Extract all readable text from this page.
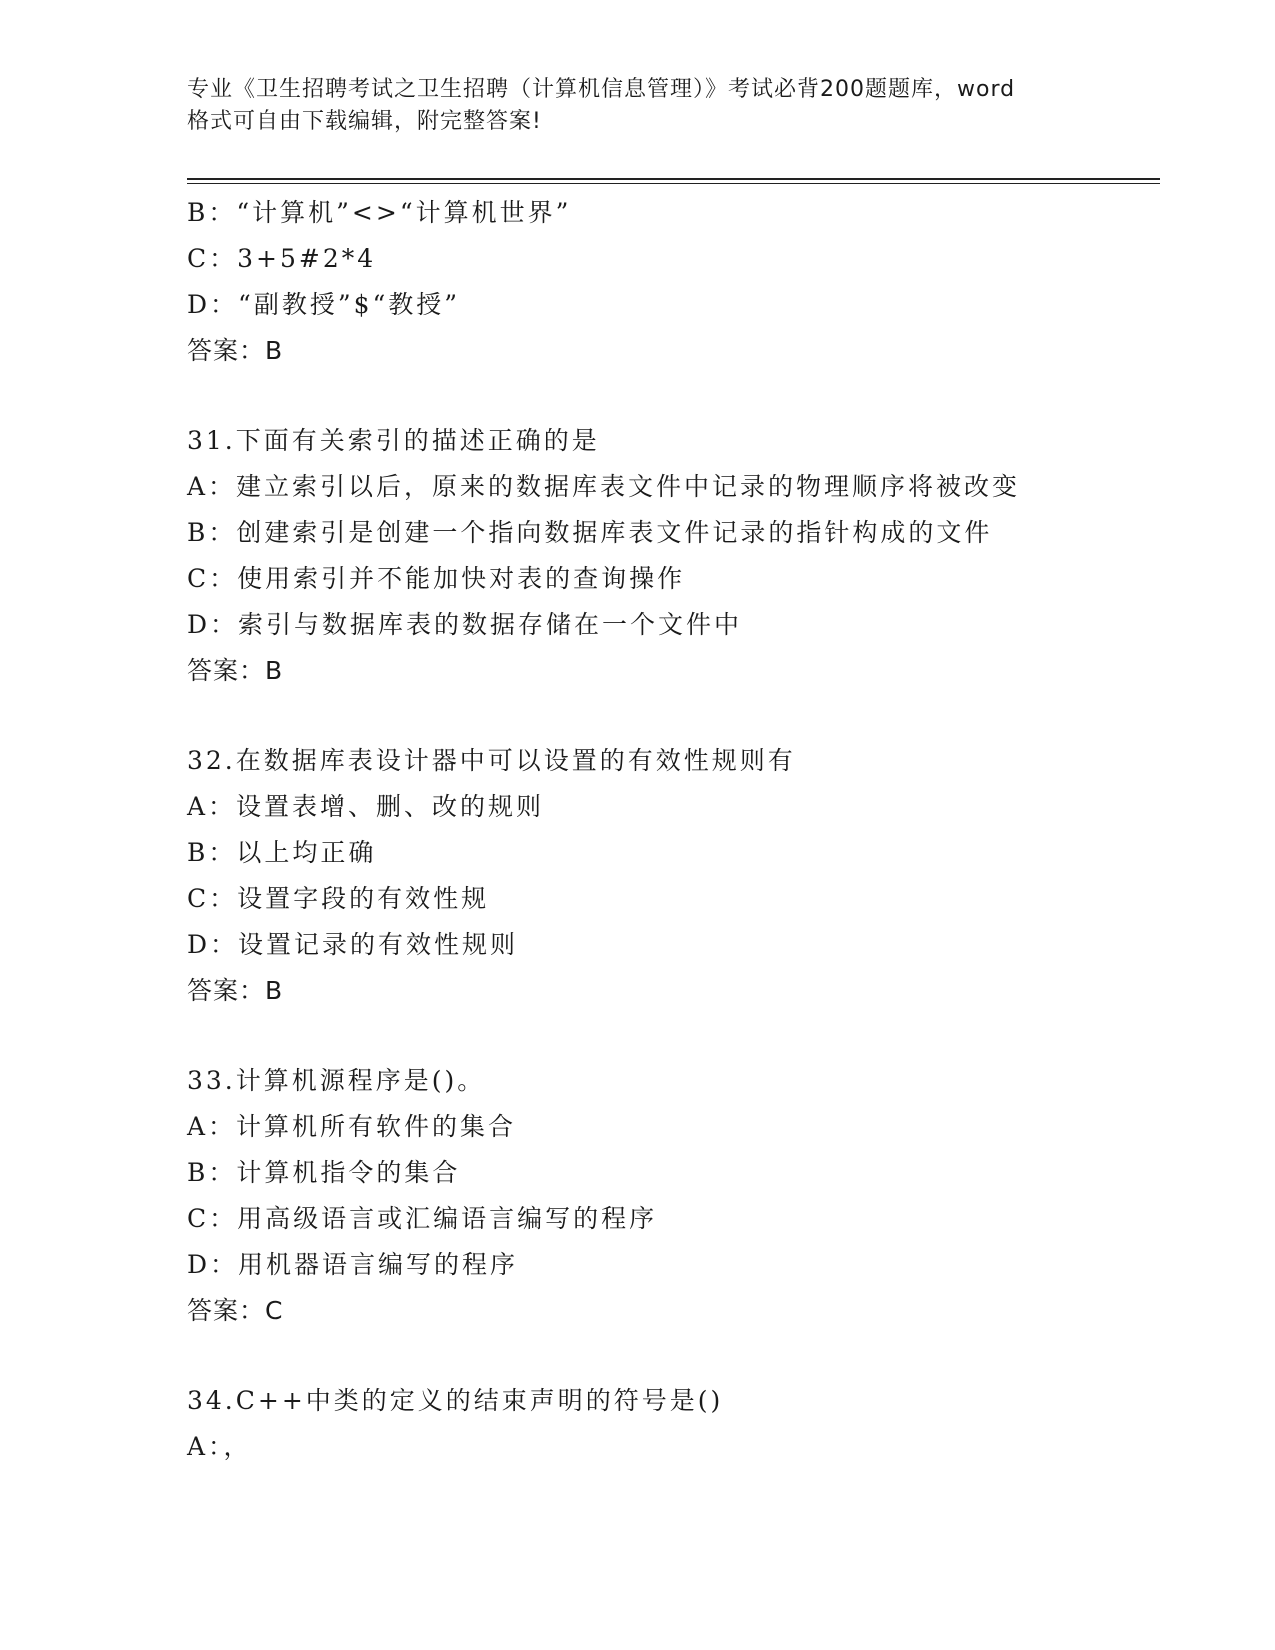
专业《卫生招聘考试之卫生招聘（计算机信息管理）》考试必背200题题库，word
格式可自由下载编辑，附完整答案!
B：“计算机”<>“计算机世界”
C：3+5#2*4
D：“副教授”$“教授”
答案：B
31.下面有关索引的描述正确的是
A：建立索引以后，原来的数据库表文件中记录的物理顺序将被改变
B：创建索引是创建一个指向数据库表文件记录的指针构成的文件
C：使用索引并不能加快对表的查询操作
D：索引与数据库表的数据存储在一个文件中
答案：B
32.在数据库表设计器中可以设置的有效性规则有
A：设置表增、删、改的规则
B：以上均正确
C：设置字段的有效性规
D：设置记录的有效性规则
答案：B
33.计算机源程序是()。
A：计算机所有软件的集合
B：计算机指令的集合
C：用高级语言或汇编语言编写的程序
D：用机器语言编写的程序
答案：C
34.C++中类的定义的结束声明的符号是()
A：，
